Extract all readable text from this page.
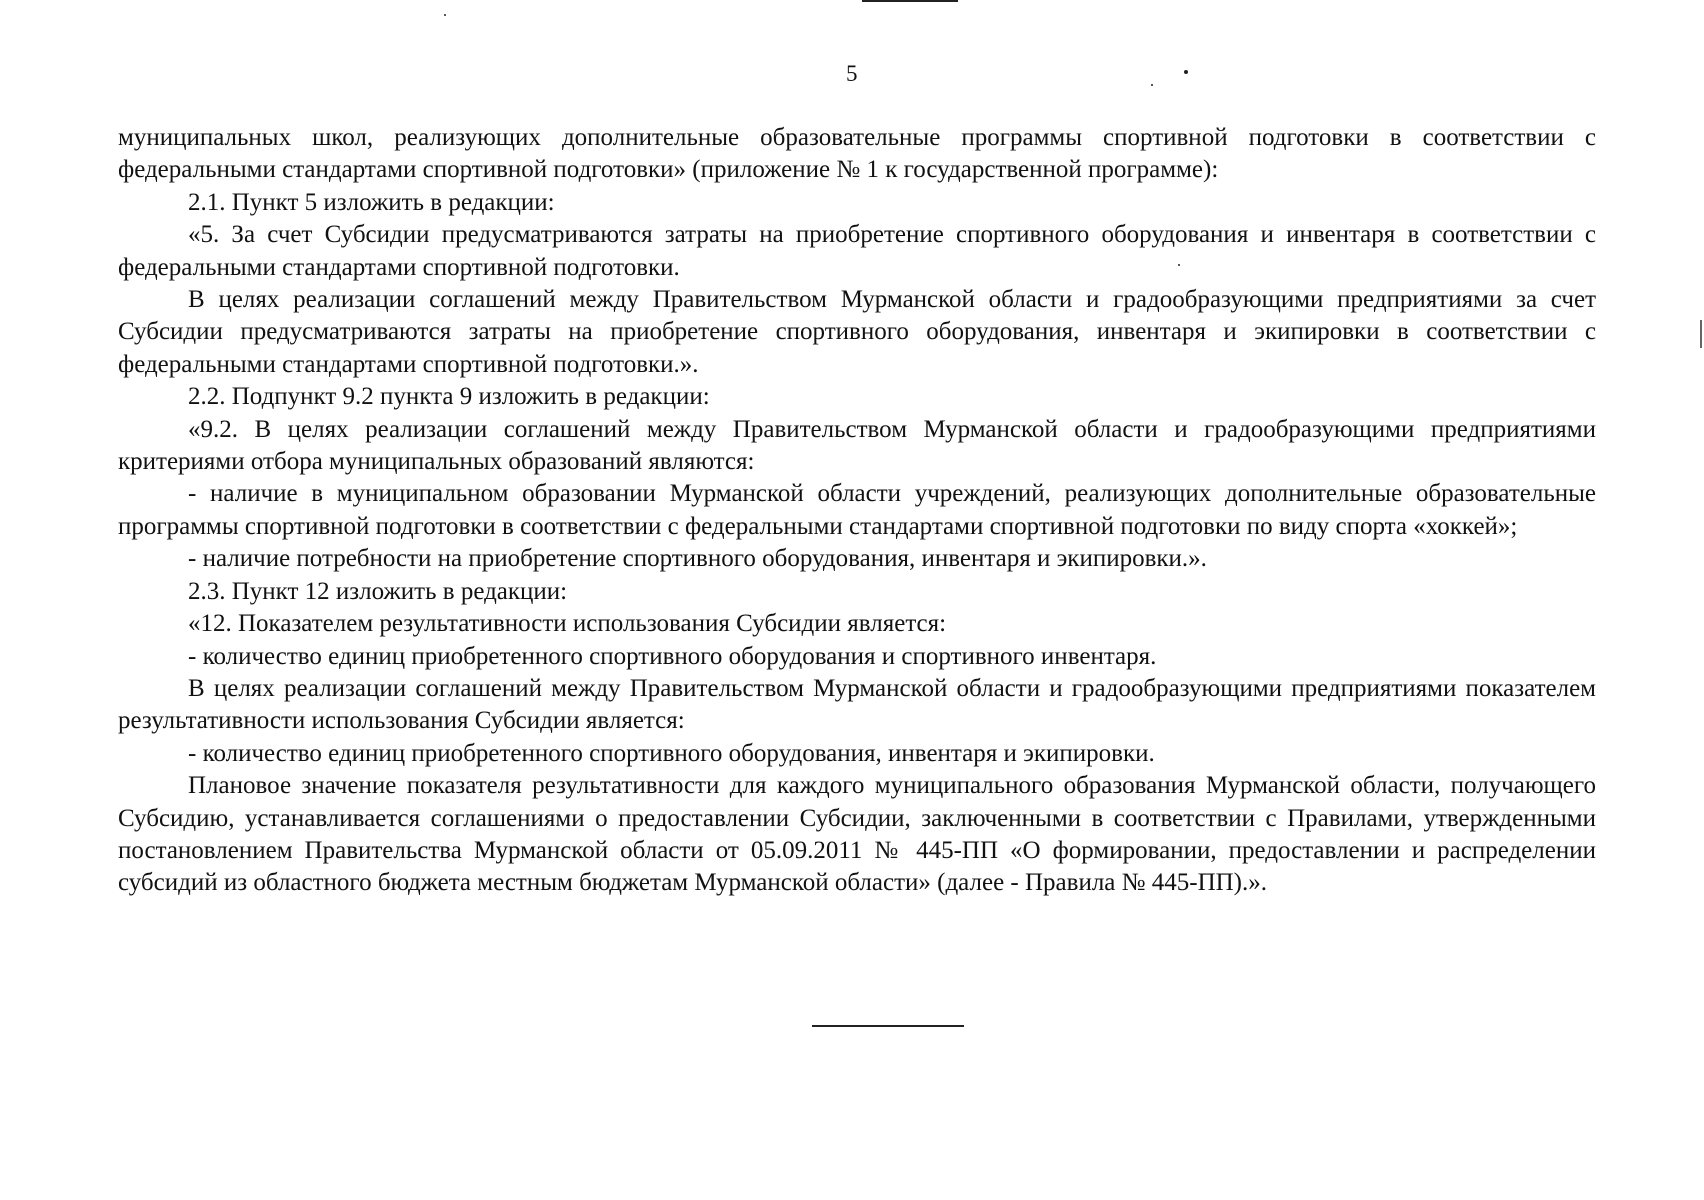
5

муниципальных школ, реализующих дополнительные образовательные программы спортивной подготовки в соответствии с федеральными стандартами спортивной подготовки» (приложение № 1 к государственной программе):

2.1. Пункт 5 изложить в редакции:

«5. За счет Субсидии предусматриваются затраты на приобретение спортивного оборудования и инвентаря в соответствии с федеральными стандартами спортивной подготовки.

В целях реализации соглашений между Правительством Мурманской области и градообразующими предприятиями за счет Субсидии предусматриваются затраты на приобретение спортивного оборудования, инвентаря и экипировки в соответствии с федеральными стандартами спортивной подготовки.».

2.2. Подпункт 9.2 пункта 9 изложить в редакции:

«9.2. В целях реализации соглашений между Правительством Мурманской области и градообразующими предприятиями критериями отбора муниципальных образований являются:

- наличие в муниципальном образовании Мурманской области учреждений, реализующих дополнительные образовательные программы спортивной подготовки в соответствии с федеральными стандартами спортивной подготовки по виду спорта «хоккей»;

- наличие потребности на приобретение спортивного оборудования, инвентаря и экипировки.».

2.3. Пункт 12 изложить в редакции:

«12. Показателем результативности использования Субсидии является:

- количество единиц приобретенного спортивного оборудования и спортивного инвентаря.

В целях реализации соглашений между Правительством Мурманской области и градообразующими предприятиями показателем результативности использования Субсидии является:

- количество единиц приобретенного спортивного оборудования, инвентаря и экипировки.

Плановое значение показателя результативности для каждого муниципального образования Мурманской области, получающего Субсидию, устанавливается соглашениями о предоставлении Субсидии, заключенными в соответствии с Правилами, утвержденными постановлением Правительства Мурманской области от 05.09.2011 № 445-ПП «О формировании, предоставлении и распределении субсидий из областного бюджета местным бюджетам Мурманской области» (далее - Правила № 445-ПП).».
